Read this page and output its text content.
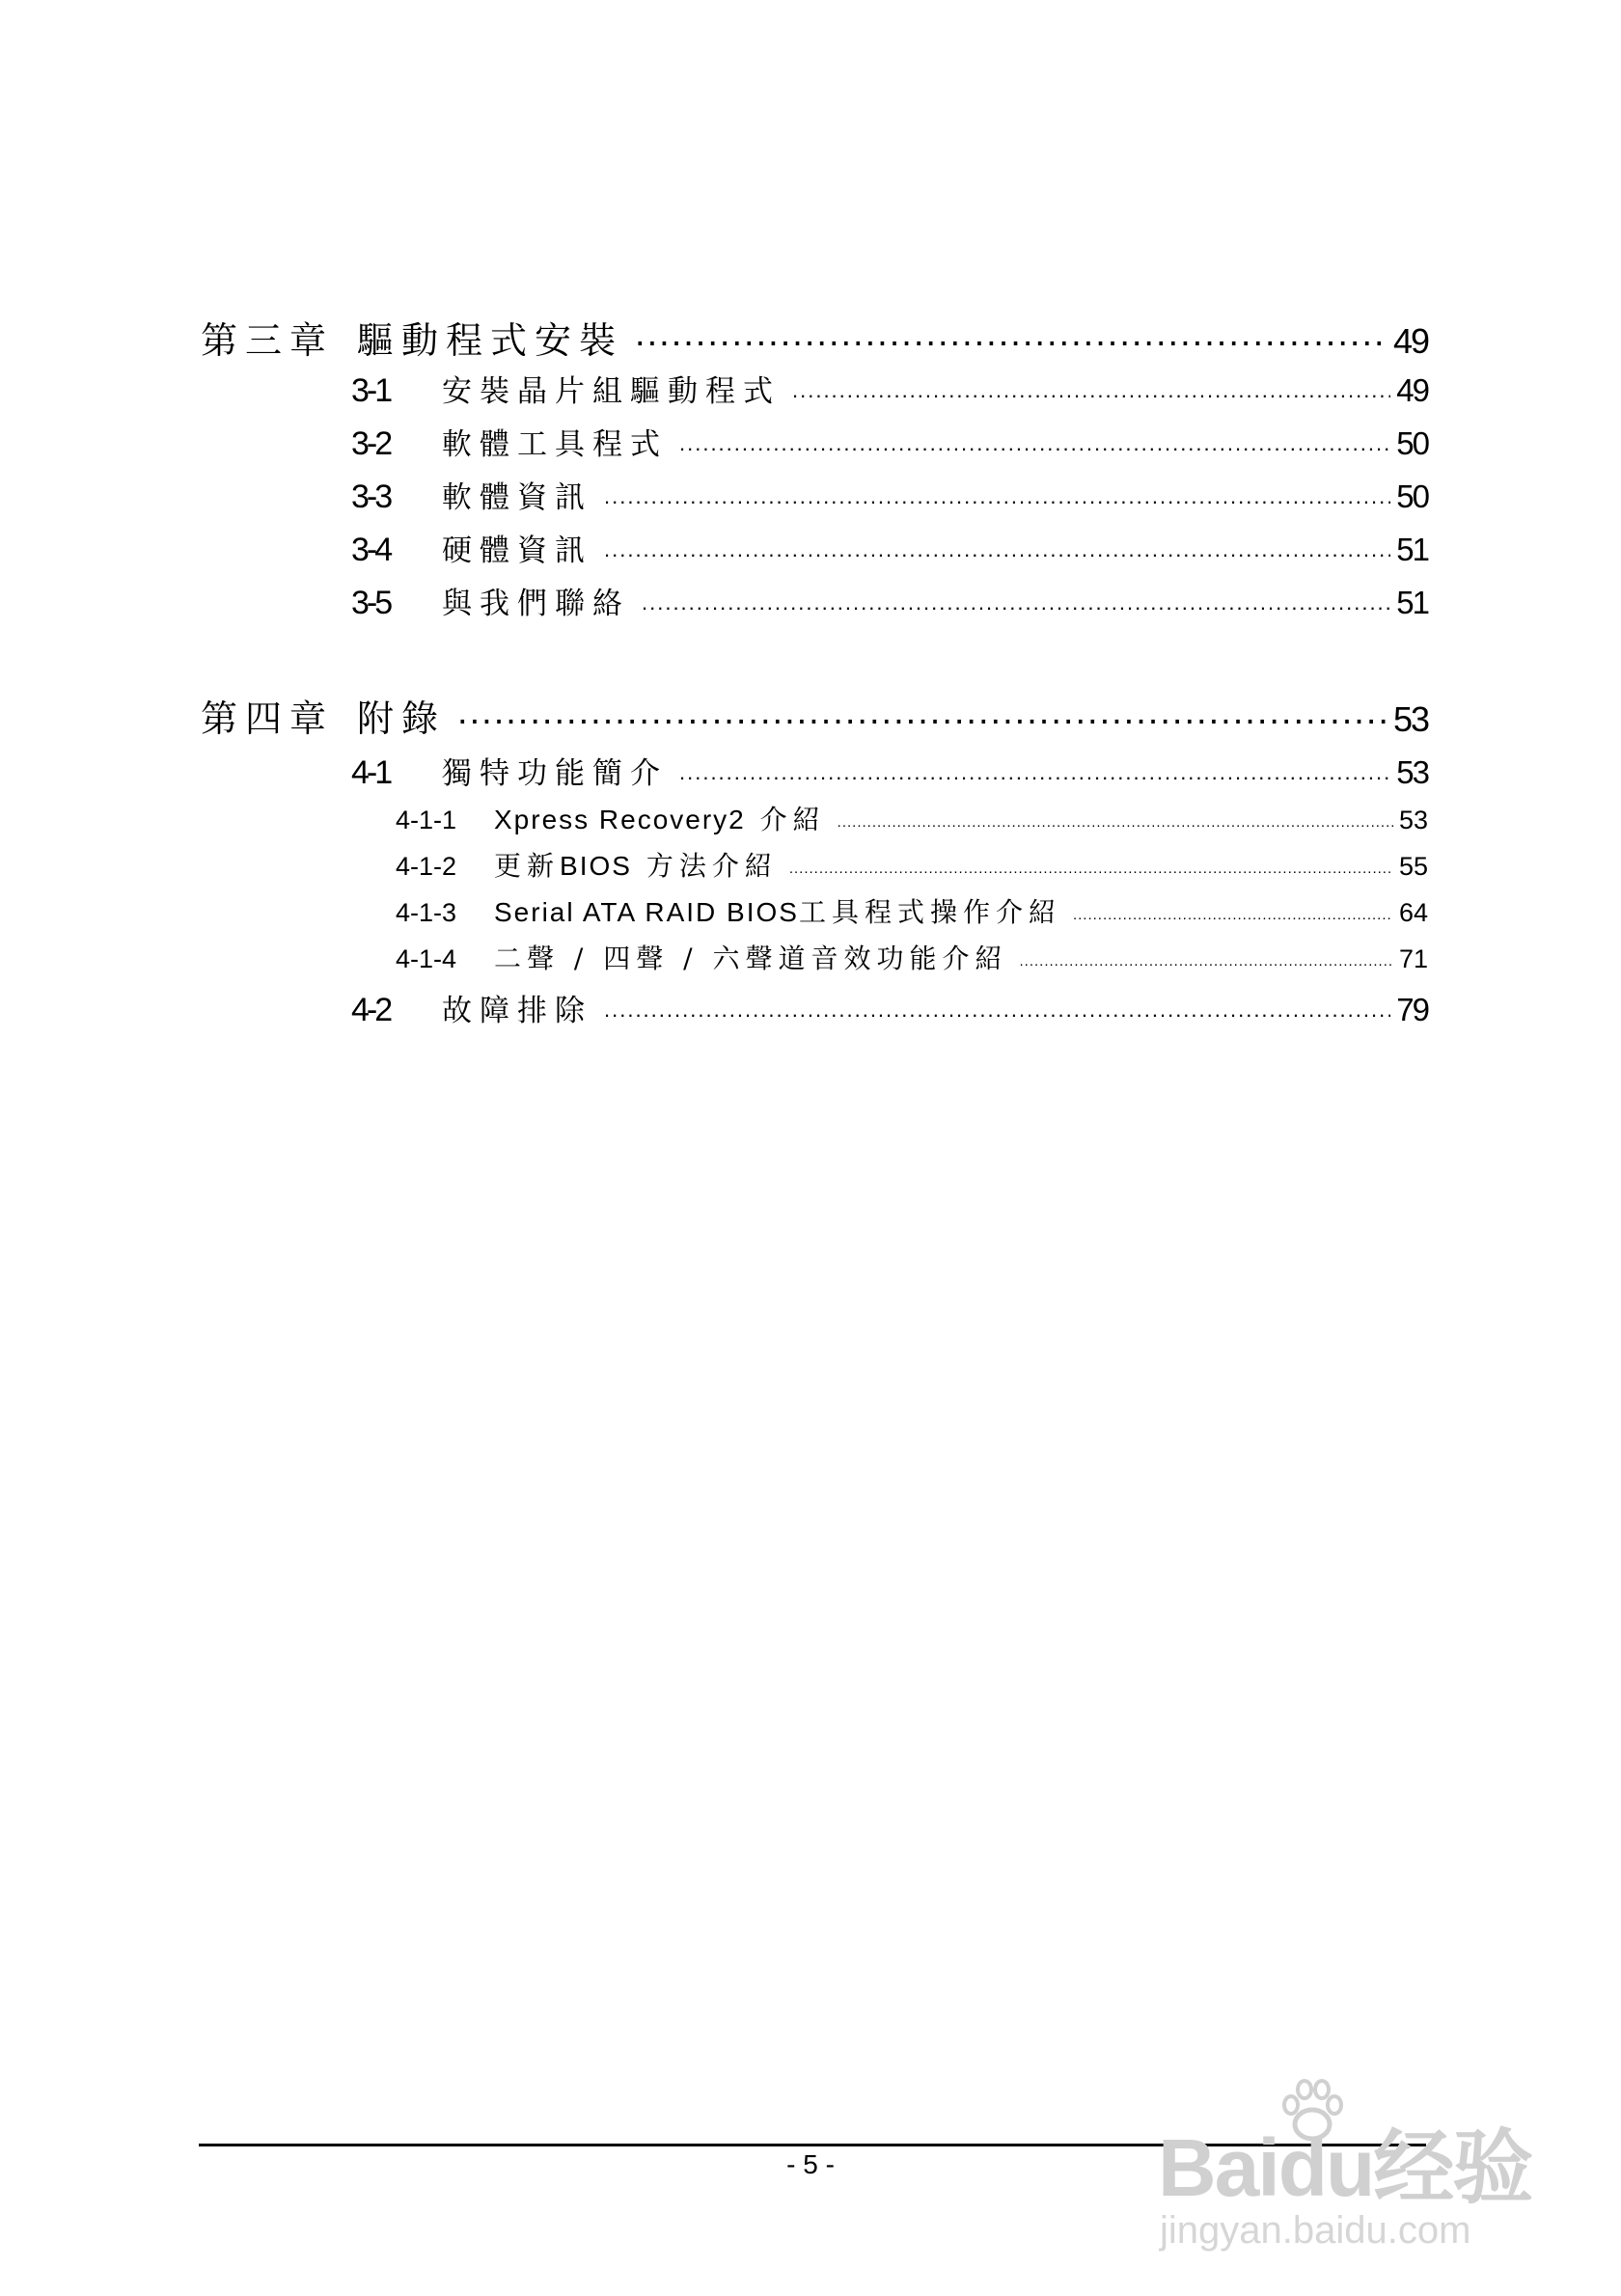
第三章 驅動程式安裝 .....	49
3-1	安裝晶片組驅動程式 .....	49
3-2	軟體工具程式 .....	50
3-3	軟體資訊 .....	50
3-4	硬體資訊 .....	51
3-5	與我們聯絡 .....	51
第四章 附錄 .....	53
4-1	獨特功能簡介 .....	53
4-1-1	Xpress Recovery2 介紹 .....	53
4-1-2	更新BIOS 方法介紹 .....	55
4-1-3	Serial ATA RAID BIOS工具程式操作介紹 .....	64
4-1-4	二聲 / 四聲 / 六聲道音效功能介紹 .....	71
4-2	故障排除 .....	79
- 5 -	Baidu经验
jingyan.baidu.com
